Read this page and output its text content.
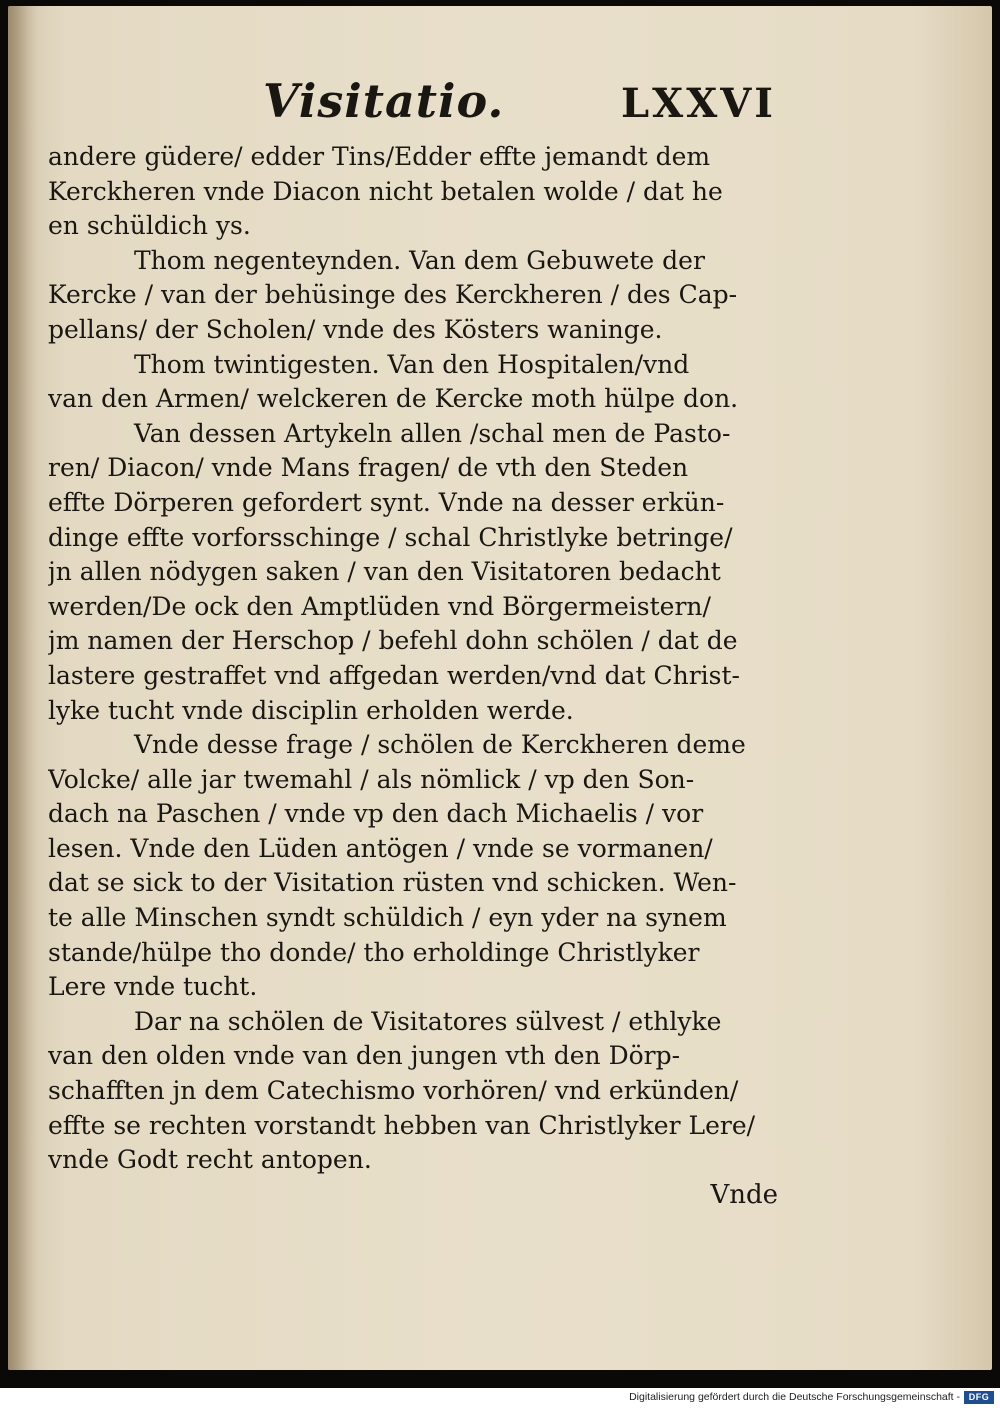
Visitatio.	LXXVI
andere güdere/ edder Tins/Edder effte jemandt dem
Kerckheren vnde Diacon nicht betalen wolde / dat he
en schüldich ys.
Thom negenteynden. Van dem Gebuwete der
Kercke / van der behüsinge des Kerckheren / des Cap-
pellans/ der Scholen/ vnde des Kösters waninge.
Thom twintigesten. Van den Hospitalen/vnd
van den Armen/ welckeren de Kercke moth hülpe don.
Van dessen Artykeln allen /schal men de Pasto-
ren/ Diacon/ vnde Mans fragen/ de vth den Steden
effte Dörperen gefordert synt. Vnde na desser erkün-
dinge effte vorforsschinge / schal Christlyke betringe/
jn allen nödygen saken / van den Visitatoren bedacht
werden/De ock den Amptlüden vnd Börgermeistern/
jm namen der Herschop / befehl dohn schölen / dat de
lastere gestraffet vnd affgedan werden/vnd dat Christ-
lyke tucht vnde disciplin erholden werde.
Vnde desse frage / schölen de Kerckheren deme
Volcke/ alle jar twemahl / als nömlick / vp den Son-
dach na Paschen / vnde vp den dach Michaelis / vor
lesen. Vnde den Lüden antögen / vnde se vormanen/
dat se sick to der Visitation rüsten vnd schicken. Wen-
te alle Minschen syndt schüldich / eyn yder na synem
stande/hülpe tho donde/ tho erholdinge Christlyker
Lere vnde tucht.
Dar na schölen de Visitatores sülvest / ethlyke
van den olden vnde van den jungen vth den Dörp-
schafften jn dem Catechismo vorhören/ vnd erkünden/
effte se rechten vorstandt hebben van Christlyker Lere/
vnde Godt recht antopen.
Vnde
Digitalisierung gefördert durch die Deutsche Forschungsgemeinschaft - DFG
